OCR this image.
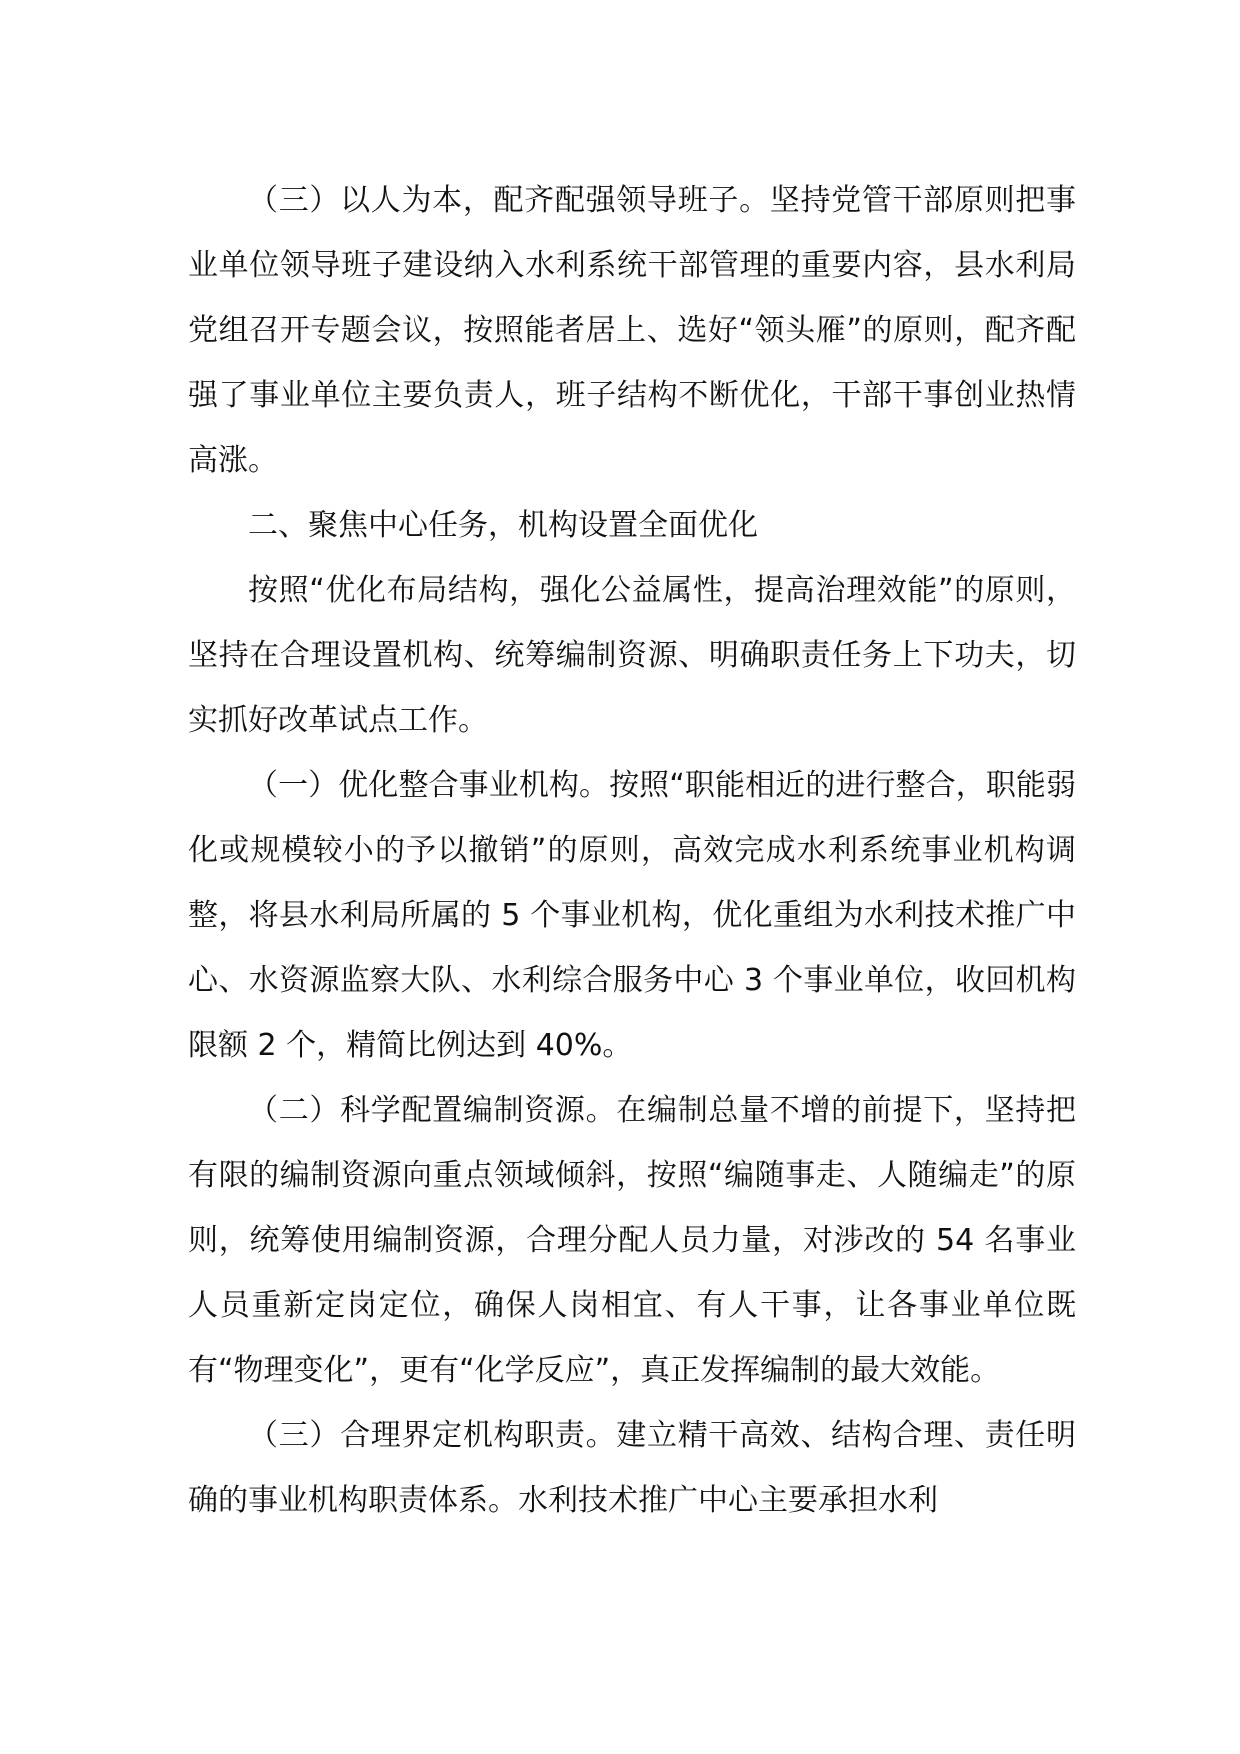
（三）以人为本，配齐配强领导班子。坚持党管干部原则把事业单位领导班子建设纳入水利系统干部管理的重要内容，县水利局党组召开专题会议，按照能者居上、选好“领头雁”的原则，配齐配强了事业单位主要负责人，班子结构不断优化，干部干事创业热情高涨。

二、聚焦中心任务，机构设置全面优化

按照“优化布局结构，强化公益属性，提高治理效能”的原则，坚持在合理设置机构、统筹编制资源、明确职责任务上下功夫，切实抓好改革试点工作。

（一）优化整合事业机构。按照“职能相近的进行整合，职能弱化或规模较小的予以撤销”的原则，高效完成水利系统事业机构调整，将县水利局所属的 5 个事业机构，优化重组为水利技术推广中心、水资源监察大队、水利综合服务中心 3 个事业单位，收回机构限额 2 个，精简比例达到 40%。

（二）科学配置编制资源。在编制总量不增的前提下，坚持把有限的编制资源向重点领域倾斜，按照“编随事走、人随编走”的原则，统筹使用编制资源，合理分配人员力量，对涉改的 54 名事业人员重新定岗定位，确保人岗相宜、有人干事，让各事业单位既有“物理变化”，更有“化学反应”，真正发挥编制的最大效能。

（三）合理界定机构职责。建立精干高效、结构合理、责任明确的事业机构职责体系。水利技术推广中心主要承担水利
